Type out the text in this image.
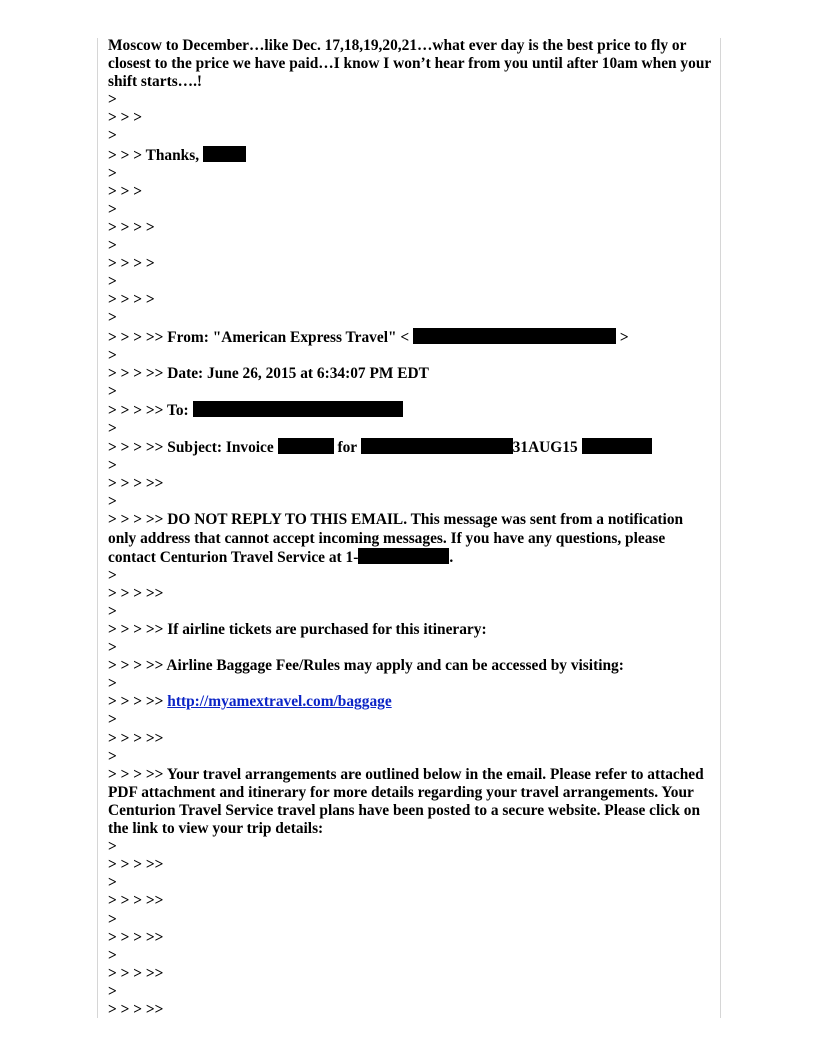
Moscow to December…like Dec. 17,18,19,20,21…what ever day is the best price to fly or closest to the price we have paid…I know I won’t hear from you until after 10am when your shift starts….!
>
> > >
>
> > > Thanks,
>
> > >
>
> > > >
>
> > > >
>
> > > >
>
> > > >> From: "American Express Travel" <	>
>
> > > >> Date: June 26, 2015 at 6:34:07 PM EDT
>
> > > >> To:
>
> > > >> Subject: Invoice	for	31AUG15
>
> > > >>
>
> > > >> DO NOT REPLY TO THIS EMAIL. This message was sent from a notification only address that cannot accept incoming messages. If you have any questions, please contact Centurion Travel Service at 1-	.
>
> > > >>
>
> > > >> If airline tickets are purchased for this itinerary:
>
> > > >> Airline Baggage Fee/Rules may apply and can be accessed by visiting:
>
> > > >> http://myamextravel.com/baggage
>
> > > >>
>
> > > >> Your travel arrangements are outlined below in the email. Please refer to attached PDF attachment and itinerary for more details regarding your travel arrangements. Your Centurion Travel Service travel plans have been posted to a secure website. Please click on the link to view your trip details:
>
> > > >>
>
> > > >>
>
> > > >>
>
> > > >>
>
> > > >>
